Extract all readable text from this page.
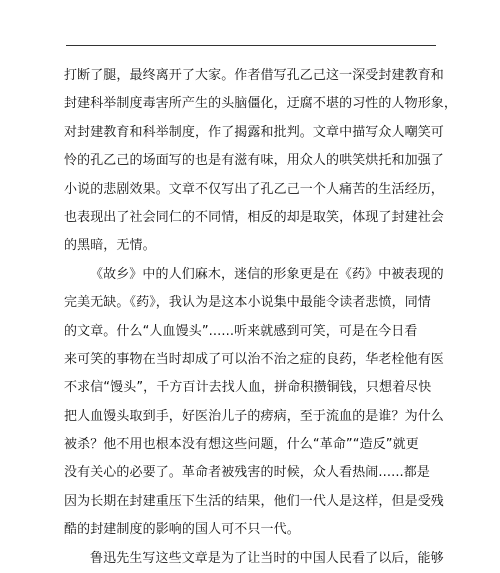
打断了腿，最终离开了大家。作者借写孔乙己这一深受封建教育和
封建科举制度毒害所产生的头脑僵化，迂腐不堪的习性的人物形象，
对封建教育和科举制度，作了揭露和批判。文章中描写众人嘲笑可
怜的孔乙己的场面写的也是有滋有味，用众人的哄笑烘托和加强了
小说的悲剧效果。文章不仅写出了孔乙己一个人痛苦的生活经历，
也表现出了社会同仁的不同情，相反的却是取笑，体现了封建社会
的黑暗，无情。
《故乡》中的人们麻木，迷信的形象更是在《药》中被表现的
完美无缺。《药》，我认为是这本小说集中最能令读者悲愤，同情
的文章。什么“人血馒头”......听来就感到可笑，可是在今日看
来可笑的事物在当时却成了可以治不治之症的良药，华老栓他有医
不求信“馒头”，千方百计去找人血，拼命积攒铜钱，只想着尽快
把人血馒头取到手，好医治儿子的痨病，至于流血的是谁？为什么
被杀？他不用也根本没有想这些问题，什么“革命”“造反”就更
没有关心的必要了。革命者被残害的时候，众人看热闹......都是
因为长期在封建重压下生活的结果，他们一代人是这样，但是受残
酷的封建制度的影响的国人可不只一代。
鲁迅先生写这些文章是为了让当时的中国人民看了以后，能够
